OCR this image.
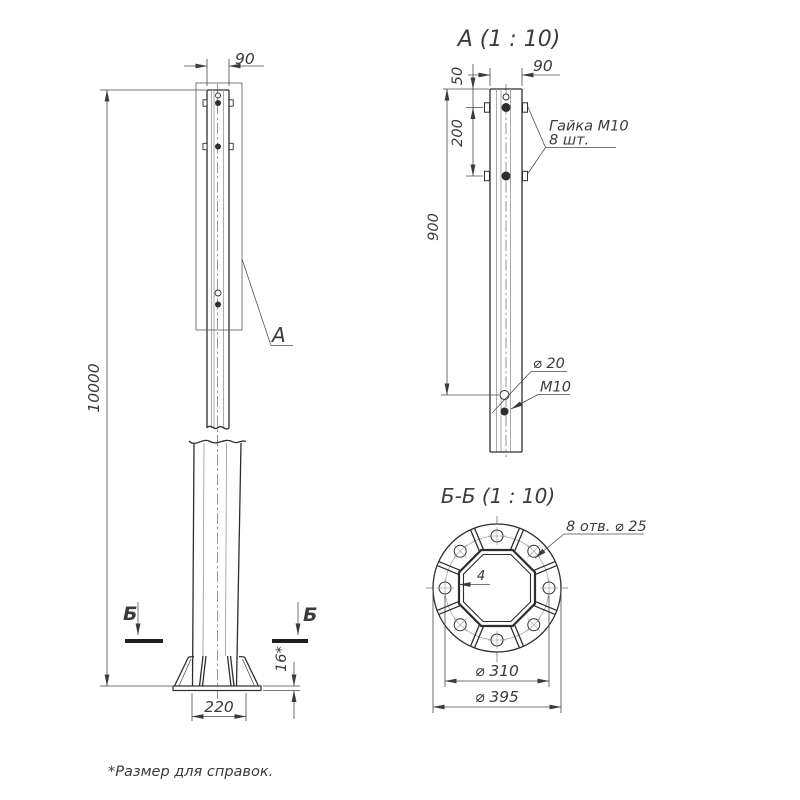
А
90
10000
220
16*
Б	Б
А (1 : 10)
50
200
900
90
Гайка М10
8 шт.
⌀ 20
М10
Б-Б (1 : 10)
8 отв. ⌀ 25
4
⌀ 310
⌀ 395
*Размер для справок.
